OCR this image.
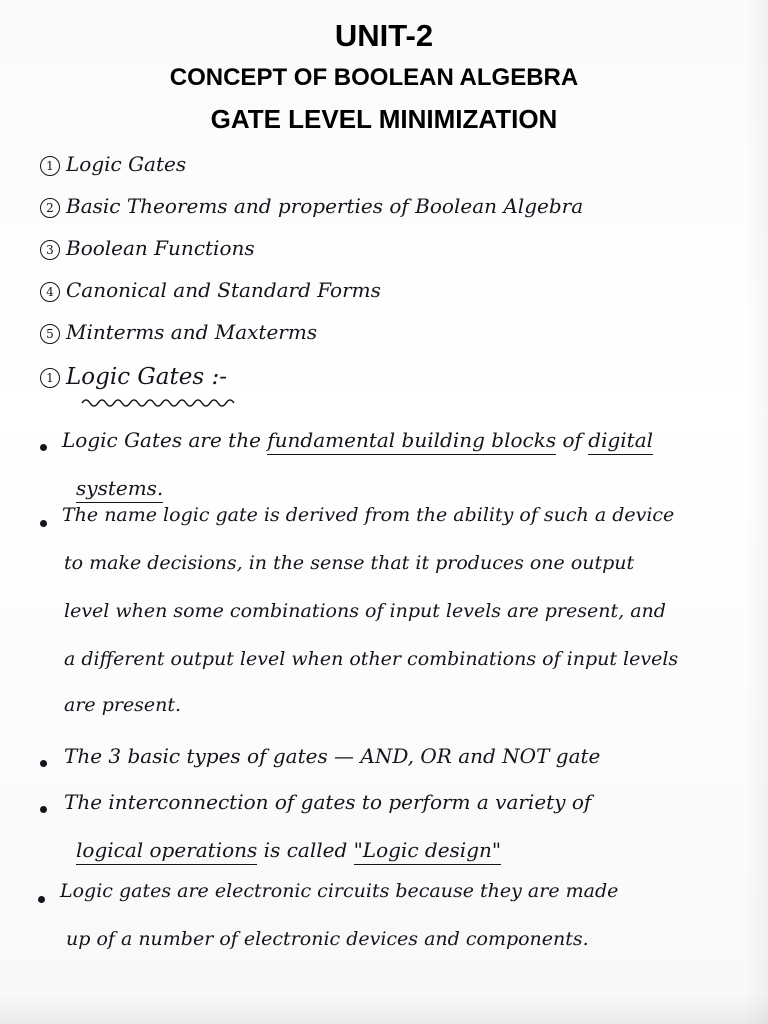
UNIT-2
CONCEPT OF BOOLEAN ALGEBRA
GATE LEVEL MINIMIZATION
1 Logic Gates
2 Basic Theorems and properties of Boolean Algebra
3 Boolean Functions
4 Canonical and Standard Forms
5 Minterms and Maxterms
1 Logic Gates :-
Logic Gates are the fundamental building blocks of digital
systems.
The name logic gate is derived from the ability of such a device
to make decisions, in the sense that it produces one output
level when some combinations of input levels are present, and
a different output level when other combinations of input levels
are present.
The 3 basic types of gates — AND, OR and NOT gate
The interconnection of gates to perform a variety of
logical operations is called "Logic design"
Logic gates are electronic circuits because they are made
up of a number of electronic devices and components.
